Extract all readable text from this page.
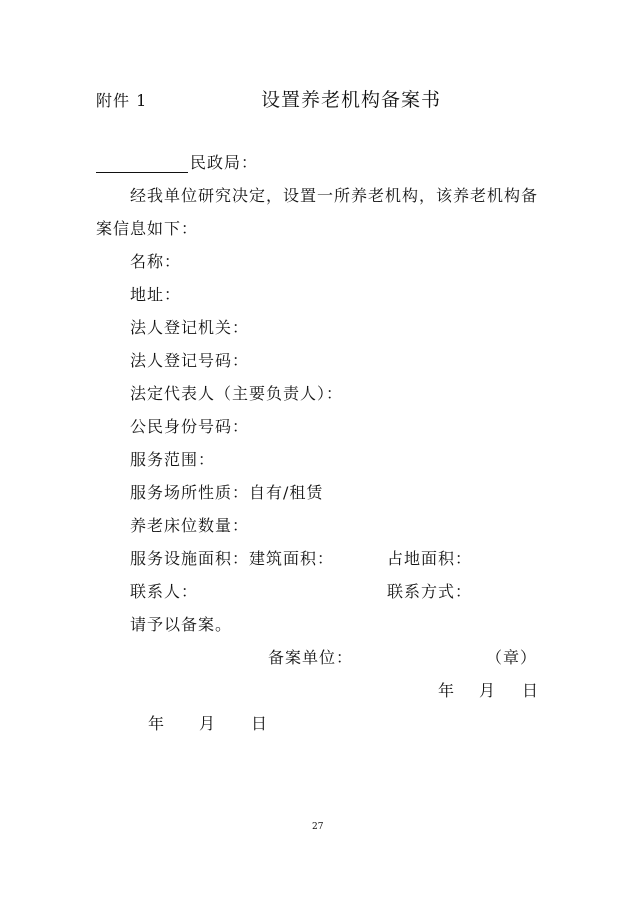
附件 1	设置养老机构备案书
民政局：
经我单位研究决定，设置一所养老机构，该养老机构备
案信息如下：
名称：
地址：
法人登记机关：
法人登记号码：
法定代表人（主要负责人）：
公民身份号码：
服务范围：
服务场所性质：自有/租赁
养老床位数量：
服务设施面积：建筑面积：	占地面积：
联系人：	联系方式：
请予以备案。
备案单位：	（章）
年 月 日
年 月 日
27
